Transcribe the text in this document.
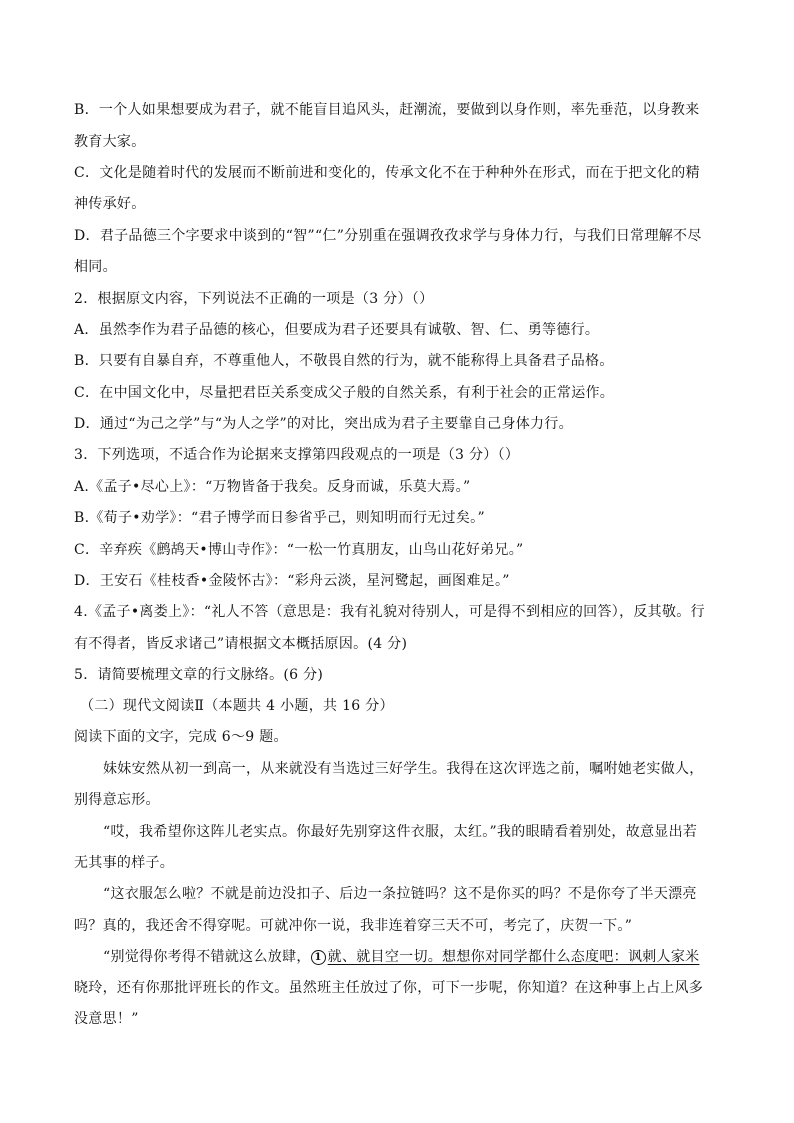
B．一个人如果想要成为君子，就不能盲目追风头，赶潮流，要做到以身作则，率先垂范，以身教来
教育大家。
C．文化是随着时代的发展而不断前进和变化的，传承文化不在于种种外在形式，而在于把文化的精
神传承好。
D．君子品德三个字要求中谈到的“智”“仁”分别重在强调孜孜求学与身体力行，与我们日常理解不尽
相同。
2．根据原文内容，下列说法不正确的一项是（3 分）（）
A．虽然李作为君子品德的核心，但要成为君子还要具有诚敬、智、仁、勇等德行。
B．只要有自暴自弃，不尊重他人，不敬畏自然的行为，就不能称得上具备君子品格。
C．在中国文化中，尽量把君臣关系变成父子般的自然关系，有利于社会的正常运作。
D．通过“为己之学”与“为人之学”的对比，突出成为君子主要靠自己身体力行。
3．下列选项，不适合作为论据来支撑第四段观点的一项是（3 分）（）
A.《孟子•尽心上》：“万物皆备于我矣。反身而诚，乐莫大焉。”
B.《荀子•劝学》：“君子博学而日参省乎己，则知明而行无过矣。”
C．辛弃疾《鹧鸪天•博山寺作》：“一松一竹真朋友，山鸟山花好弟兄。”
D．王安石《桂枝香•金陵怀古》：“彩舟云淡，星河鹭起，画图难足。”
4.《孟子•离娄上》：“礼人不答（意思是：我有礼貌对待别人，可是得不到相应的回答），反其敬。行
有不得者，皆反求诸己”请根据文本概括原因。(4 分)
5．请简要梳理文章的行文脉络。(6 分)
（二）现代文阅读Ⅱ（本题共 4 小题，共 16 分）
阅读下面的文字，完成 6～9 题。
妹妹安然从初一到高一，从来就没有当选过三好学生。我得在这次评选之前，嘱咐她老实做人，
别得意忘形。
“哎，我希望你这阵儿老实点。你最好先别穿这件衣服，太红。”我的眼睛看着别处，故意显出若
无其事的样子。
“这衣服怎么啦？不就是前边没扣子、后边一条拉链吗？这不是你买的吗？不是你夸了半天漂亮
吗？真的，我还舍不得穿呢。可就冲你一说，我非连着穿三天不可，考完了，庆贺一下。”
“别觉得你考得不错就这么放肆， 1 就、就目空一切。想想你对同学都什么态度吧：讽刺人家米
晓玲，还有你那批评班长的作文。虽然班主任放过了你，可下一步呢，你知道？在这种事上占上风多
没意思！”
